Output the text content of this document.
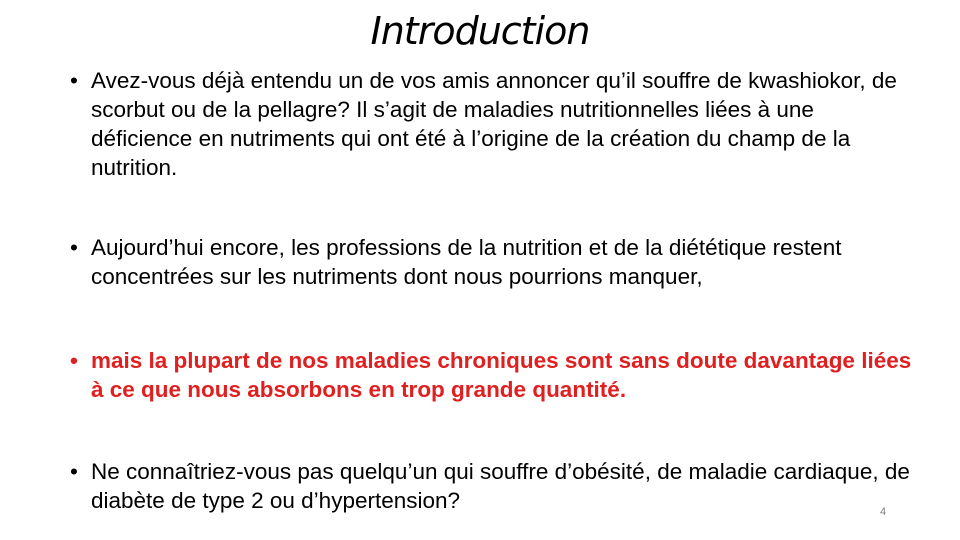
Introduction
• Avez-vous déjà entendu un de vos amis annoncer qu’il souffre de kwashiokor, de scorbut ou de la pellagre? Il s’agit de maladies nutritionnelles liées à une déficience en nutriments qui ont été à l’origine de la création du champ de la nutrition.
• Aujourd’hui encore, les professions de la nutrition et de la diététique restent concentrées sur les nutriments dont nous pourrions manquer,
• mais la plupart de nos maladies chroniques sont sans doute davantage liées à ce que nous absorbons en trop grande quantité.
• Ne connaîtriez-vous pas quelqu’un qui souffre d’obésité, de maladie cardiaque, de diabète de type 2 ou d’hypertension?	4
